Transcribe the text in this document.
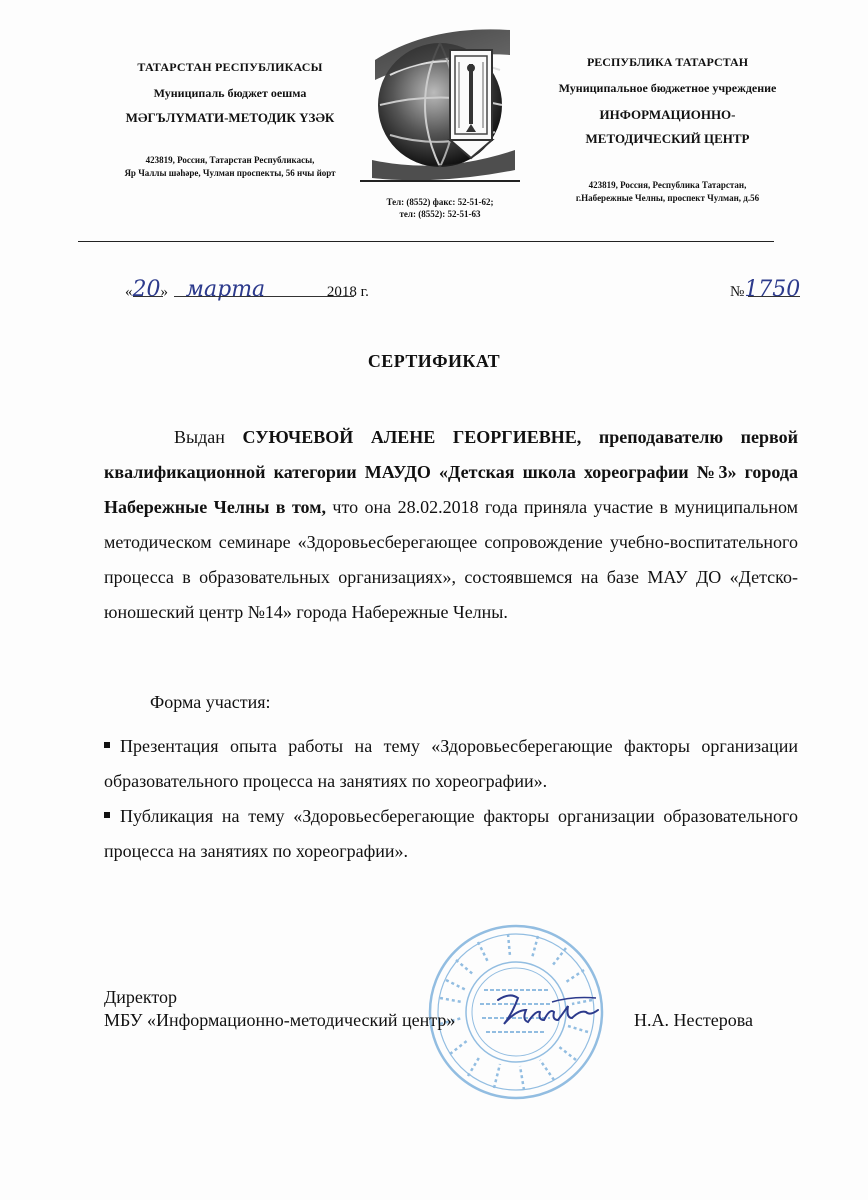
ТАТАРСТАН РЕСПУБЛИКАСЫ
Муниципаль бюджет оешма
МӘГЪЛҮМАТИ-МЕТОДИК ҮЗӘК
423819, Россия, Татарстан Республикасы,
Яр Чаллы шәһәре, Чулман проспекты, 56 нчы йорт
Тел: (8552) факс: 52-51-62;
тел: (8552): 52-51-63
РЕСПУБЛИКА ТАТАРСТАН
Муниципальное бюджетное учреждение
ИНФОРМАЦИОННО-
МЕТОДИЧЕСКИЙ ЦЕНТР
423819, Россия, Республика Татарстан,
г.Набережные Челны, проспект Чулман, д.56
«20» марта	2018 г.	№1750
СЕРТИФИКАТ
Выдан СУЮЧЕВОЙ АЛЕНЕ ГЕОРГИЕВНЕ, преподавателю первой квалификационной категории МАУДО «Детская школа хореографии №3» города Набережные Челны в том, что она 28.02.2018 года приняла участие в муниципальном методическом семинаре «Здоровьесберегающее сопровождение учебно-воспитательного процесса в образовательных организациях», состоявшемся на базе МАУ ДО «Детско-юношеский центр №14» города Набережные Челны.
Форма участия:
Презентация опыта работы на тему «Здоровьесберегающие факторы организации образовательного процесса на занятиях по хореографии».
Публикация на тему «Здоровьесберегающие факторы организации образовательного процесса на занятиях по хореографии».
Директор
МБУ «Информационно-методический центр»	Н.А. Нестерова
